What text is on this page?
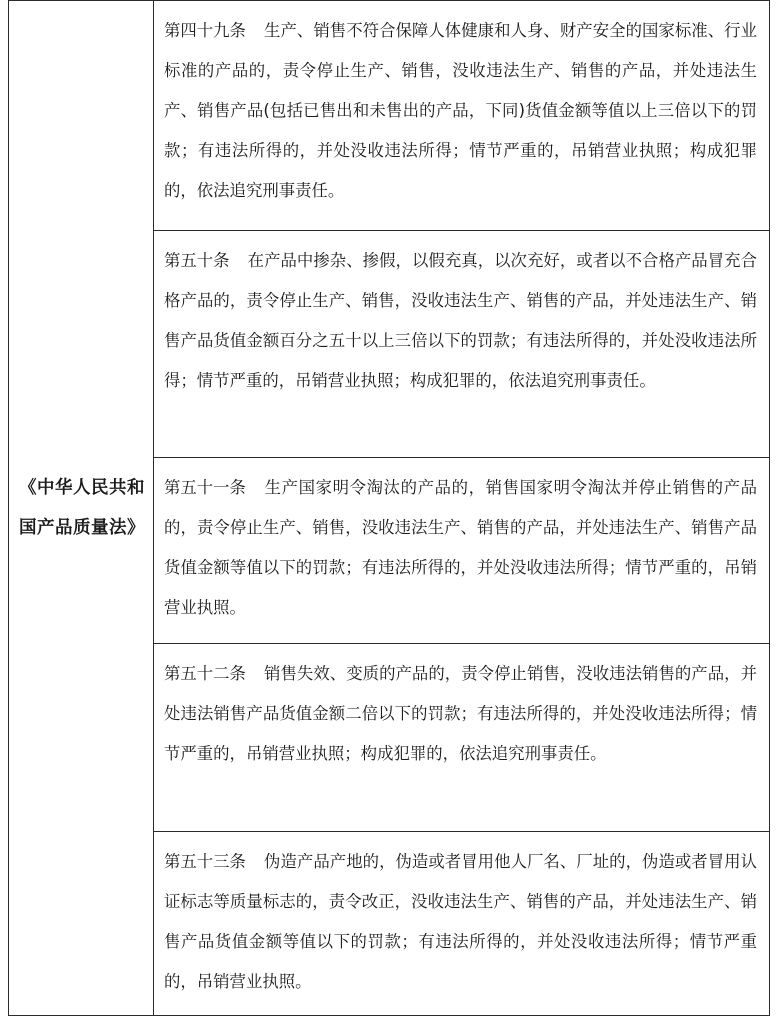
《中华人民共和国产品质量法》

第四十九条 生产、销售不符合保障人体健康和人身、财产安全的国家标准、行业标准的产品的，责令停止生产、销售，没收违法生产、销售的产品，并处违法生产、销售产品(包括已售出和未售出的产品，下同)货值金额等值以上三倍以下的罚款；有违法所得的，并处没收违法所得；情节严重的，吊销营业执照；构成犯罪的，依法追究刑事责任。

第五十条 在产品中掺杂、掺假，以假充真，以次充好，或者以不合格产品冒充合格产品的，责令停止生产、销售，没收违法生产、销售的产品，并处违法生产、销售产品货值金额百分之五十以上三倍以下的罚款；有违法所得的，并处没收违法所得；情节严重的，吊销营业执照；构成犯罪的，依法追究刑事责任。

第五十一条 生产国家明令淘汰的产品的，销售国家明令淘汰并停止销售的产品的，责令停止生产、销售，没收违法生产、销售的产品，并处违法生产、销售产品货值金额等值以下的罚款；有违法所得的，并处没收违法所得；情节严重的，吊销营业执照。

第五十二条 销售失效、变质的产品的，责令停止销售，没收违法销售的产品，并处违法销售产品货值金额二倍以下的罚款；有违法所得的，并处没收违法所得；情节严重的，吊销营业执照；构成犯罪的，依法追究刑事责任。

第五十三条 伪造产品产地的，伪造或者冒用他人厂名、厂址的，伪造或者冒用认证标志等质量标志的，责令改正，没收违法生产、销售的产品，并处违法生产、销售产品货值金额等值以下的罚款；有违法所得的，并处没收违法所得；情节严重的，吊销营业执照。
